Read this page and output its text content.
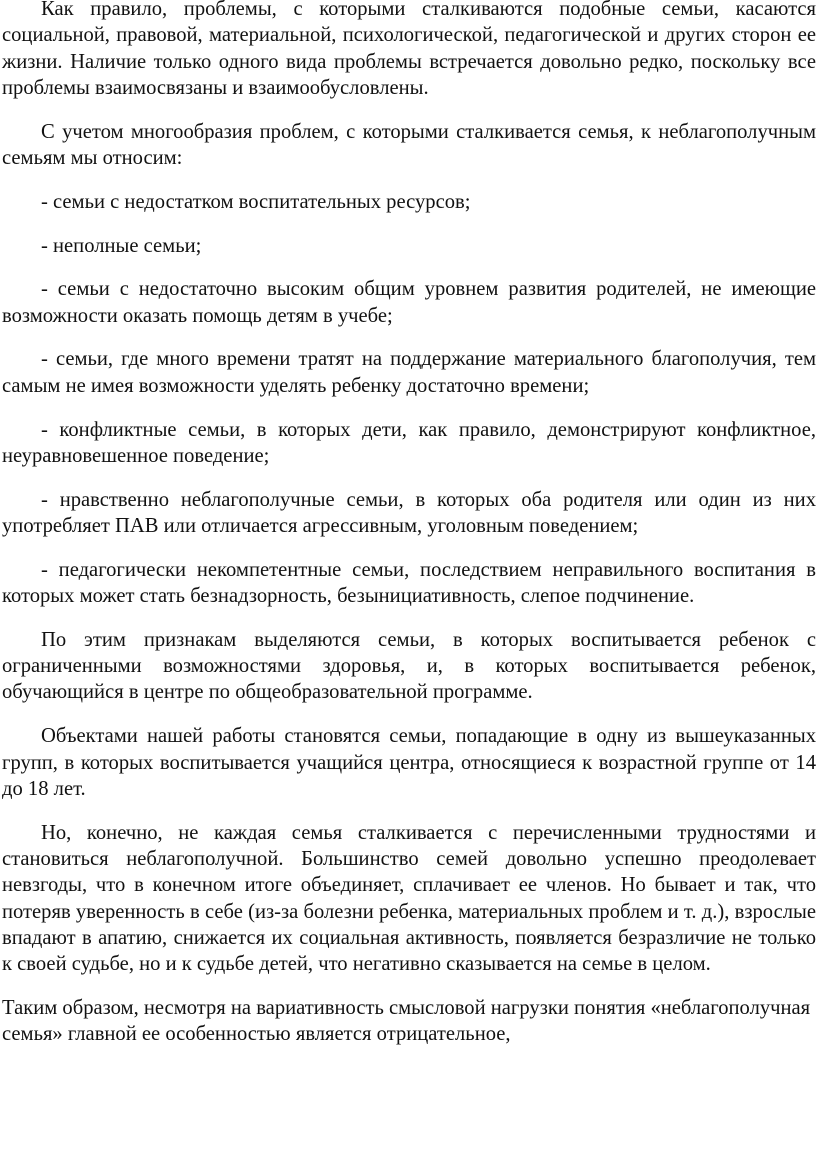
Как правило, проблемы, с которыми сталкиваются подобные семьи, касаются социальной, правовой, материальной, психологической, педагогической и других сторон ее жизни. Наличие только одного вида проблемы встречается довольно редко, поскольку все проблемы взаимосвязаны и взаимообусловлены.

С учетом многообразия проблем, с которыми сталкивается семья, к неблагополучным семьям мы относим:

- семьи с недостатком воспитательных ресурсов;

- неполные семьи;

- семьи с недостаточно высоким общим уровнем развития родителей, не имеющие возможности оказать помощь детям в учебе;

- семьи, где много времени тратят на поддержание материального благополучия, тем самым не имея возможности уделять ребенку достаточно времени;

- конфликтные семьи, в которых дети, как правило, демонстрируют конфликтное, неуравновешенное поведение;

- нравственно неблагополучные семьи, в которых оба родителя или один из них употребляет ПАВ или отличается агрессивным, уголовным поведением;

- педагогически некомпетентные семьи, последствием неправильного воспитания в которых может стать безнадзорность, безынициативность, слепое подчинение.

По этим признакам выделяются семьи, в которых воспитывается ребенок с ограниченными возможностями здоровья, и, в которых воспитывается ребенок, обучающийся в центре по общеобразовательной программе.

Объектами нашей работы становятся семьи, попадающие в одну из вышеуказанных групп, в которых воспитывается учащийся центра, относящиеся к возрастной группе от 14 до 18 лет.

Но, конечно, не каждая семья сталкивается с перечисленными трудностями и становиться неблагополучной. Большинство семей довольно успешно преодолевает невзгоды, что в конечном итоге объединяет, сплачивает ее членов. Но бывает и так, что потеряв уверенность в себе (из-за болезни ребенка, материальных проблем и т. д.), взрослые впадают в апатию, снижается их социальная активность, появляется безразличие не только к своей судьбе, но и к судьбе детей, что негативно сказывается на семье в целом.

Таким образом, несмотря на вариативность смысловой нагрузки понятия «неблагополучная семья» главной ее особенностью является отрицательное,
